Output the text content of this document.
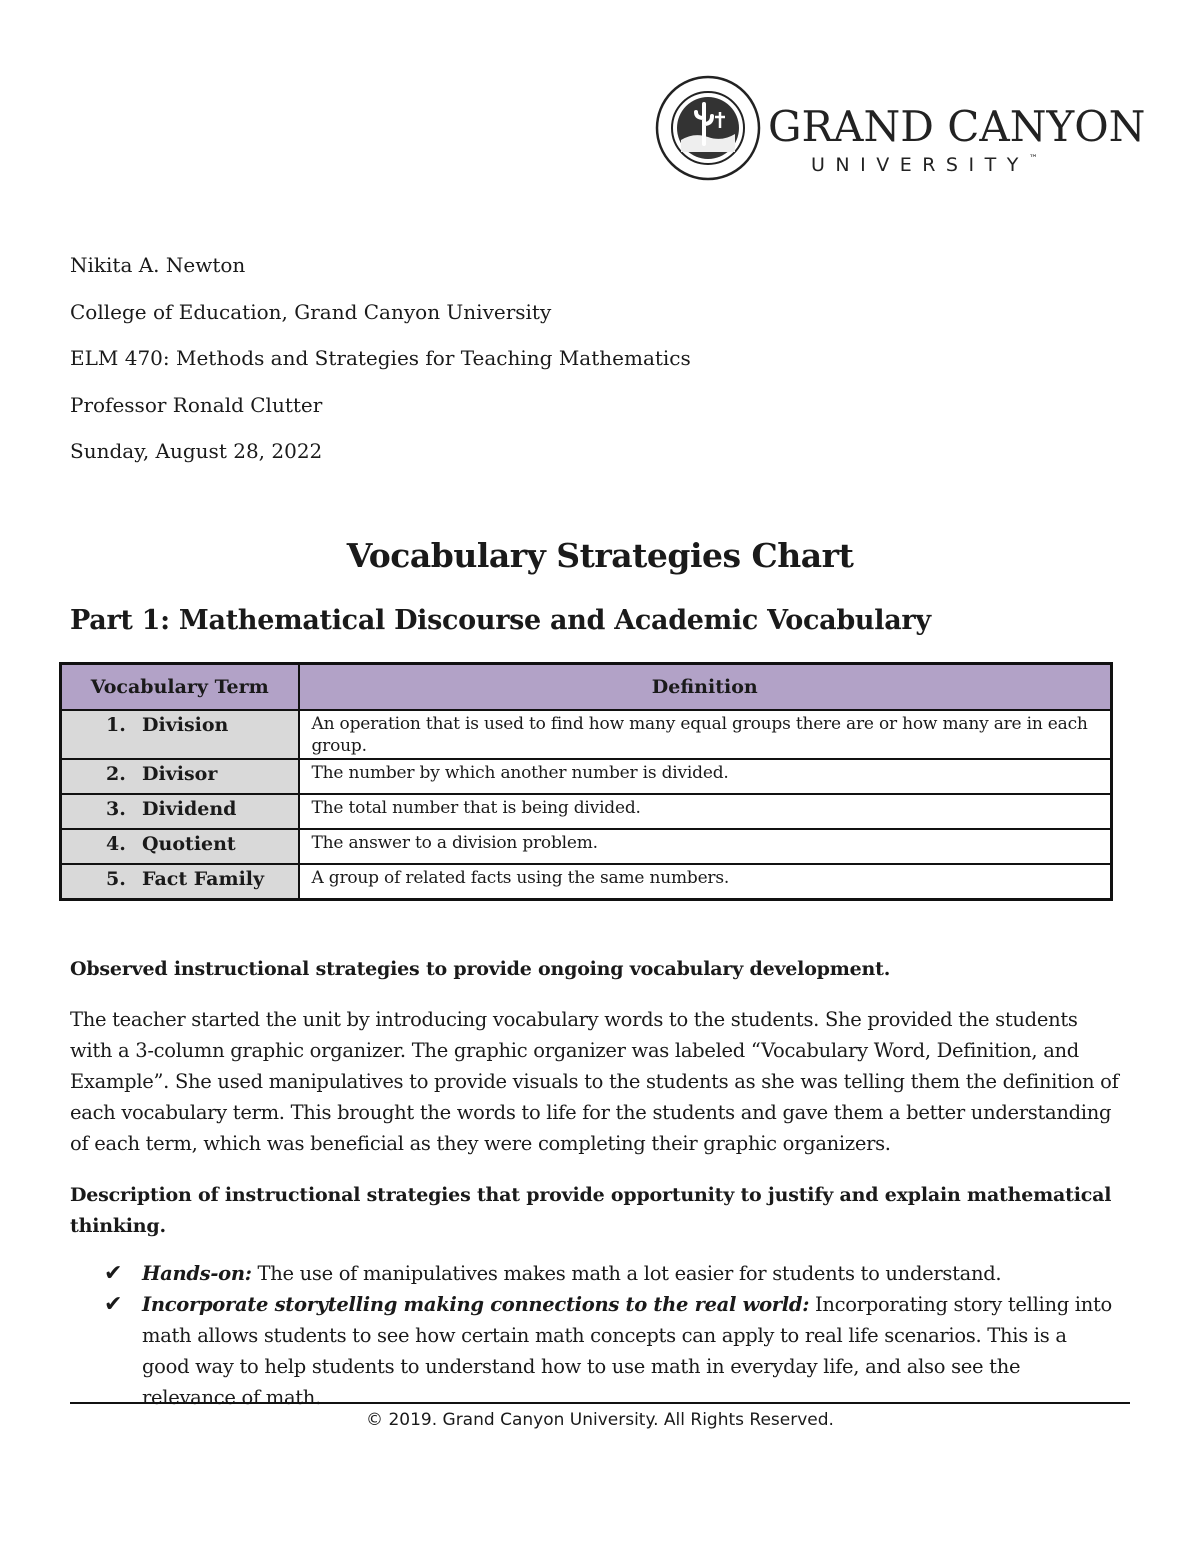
GRAND CANYON
UNIVERSITY™
Nikita A. Newton
College of Education, Grand Canyon University
ELM 470: Methods and Strategies for Teaching Mathematics
Professor Ronald Clutter
Sunday, August 28, 2022
Vocabulary Strategies Chart
Part 1: Mathematical Discourse and Academic Vocabulary
Vocabulary Term	Definition
1. Division	An operation that is used to find how many equal groups there are or how many are in each group.
2. Divisor	The number by which another number is divided.
3. Dividend	The total number that is being divided.
4. Quotient	The answer to a division problem.
5. Fact Family	A group of related facts using the same numbers.
Observed instructional strategies to provide ongoing vocabulary development.
The teacher started the unit by introducing vocabulary words to the students. She provided the students with a 3-column graphic organizer. The graphic organizer was labeled “Vocabulary Word, Definition, and Example”. She used manipulatives to provide visuals to the students as she was telling them the definition of each vocabulary term. This brought the words to life for the students and gave them a better understanding of each term, which was beneficial as they were completing their graphic organizers.
Description of instructional strategies that provide opportunity to justify and explain mathematical thinking.
✔ Hands-on: The use of manipulatives makes math a lot easier for students to understand.
✔ Incorporate storytelling making connections to the real world: Incorporating story telling into math allows students to see how certain math concepts can apply to real life scenarios. This is a good way to help students to understand how to use math in everyday life, and also see the relevance of math.
© 2019. Grand Canyon University. All Rights Reserved.
